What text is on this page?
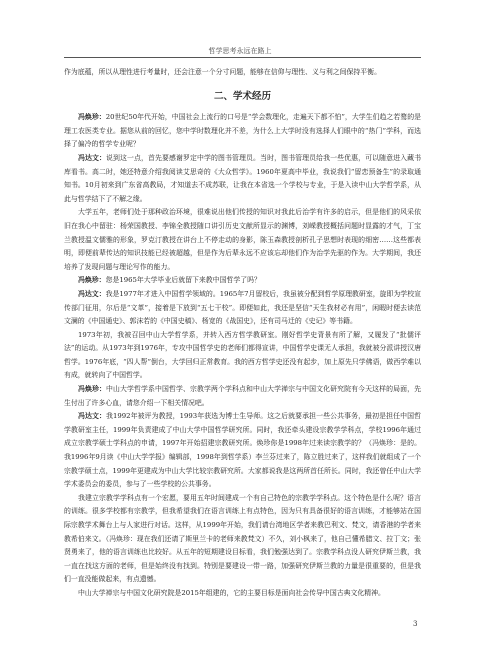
哲学思考永远在路上

作为底蕴，所以从理性进行考量时，还会注意一个分寸问题，能够在信仰与理性、义与利之间保持平衡。

二、学术经历

冯焕珍：20世纪50年代开始，中国社会上流行的口号是“学会数理化，走遍天下都不怕”，大学生们趋之若鹜的是理工农医类专业。据您从前的回忆，您中学时数理化并不差，为什么上大学时没有选择人们眼中的“热门”学科，而选择了偏冷的哲学专业呢？

冯达文：说到这一点，首先要感谢罗定中学的图书管理员。当时，图书管理员给我一些优惠，可以随意进入藏书库看书。高二时，她还特意介绍我阅读艾思奇的《大众哲学》。1960年夏高中毕业，我说我们“留恋预备生”的录取通知书。10月初来到广东省高教局，才知道去不成苏联，让我在本省选一个学校与专业，于是入读中山大学哲学系，从此与哲学结下了不解之缘。

大学五年，老师们处于那种政治环境，很难说出他们传授的知识对我此后治学有许多的启示，但是他们的风采依旧在我心中留驻：杨荣国教授、李锦全教授随口讲引历史文献所显示的渊博，刘嵘教授概括问题时显露的才气，丁宝兰教授温文儒雅的形象，罗克汀教授在讲台上不停走动的身影，陈玉森教授剖析孔子思想时表现的细密……这些都表明，即便前辈传达的知识技能已经被超越，但是作为后辈永远不应该忘却他们作为治学先驱的作为。大学期间，我还培养了发现问题与理论写作的能力。

冯焕珍：您是1965年大学毕业后就留下来教中国哲学了吗？

冯达文：我是1977年才进入中国哲学领域的。1965年7月留校后，我虽被分配到哲学原理教研室，旋即为学校宣传部门征用，尔后是“文革”，接着是下放到“五七干校”。即便如此，我还是坚信“天生我材必有用”，闲暇时便去读范文澜的《中国通史》、郭沫若的《中国史稿》、杨宽的《战国史》，还有司马迁的《史记》等书籍。

1973年初，我被召回中山大学哲学系，并转入西方哲学教研室。刚好哲学史背景有所了解，又履发了“批儒评法”的运动。从1973年到1976年，专攻中国哲学史的老师们都得宣讲，中国哲学史课无人承担，我就被分派讲授汉唐哲学。1976年底，“四人帮”倒台，大学回归正常教育。我的西方哲学史还没有起步，加上原先只学佛语，做西学难以有成，就转向了中国哲学。

冯焕珍：中山大学哲学系中国哲学、宗教学两个学科点和中山大学禅宗与中国文化研究院有今天这样的局面，先生付出了许多心血，请您介绍一下相关情况吧。

冯达文：我1992年被评为教授，1993年获选为博士生导师。这之后就要承担一些公共事务，最初是担任中国哲学教研室主任，1999年负责建成了中山大学中国哲学研究所。同时，我还牵头建设宗教学学科点，学校1996年通过成立宗教学硕士学科点的申请，1997年开始招建宗教研究所。焕珍你是1998年过来读宗教学的？（冯焕珍：是的。我1996年9月读《中山大学学报》编辑部，1998年到哲学系）李兰芬过来了，陈立胜过来了，这样我们就组成了一个宗教学硕士点，1999年更建成为中山大学比较宗教研究所。大家都说我是这两所首任所长。同时，我还曾任中山大学学术委员会的委员，参与了一些学校的公共事务。

我建立宗教学学科点有一个宏愿，要用五年时间建成一个有自己特色的宗教学学科点。这个特色是什么呢？语言的训练。很多学校都有宗教学，但我希望我们在语言训练上有点特色，因为只有具备很好的语言训练，才能够站在国际宗教学术舞台上与人家进行对话。这样，从1999年开始，我们请台湾地区学者来教巴利文、梵文，请香港的学者来教希伯来文。（冯焕珍：现在我们还请了斯里兰卡的老师来教梵文）不久，刘小枫来了，他自己懂希腊文、拉丁文；张贤勇来了，他的语言训练也比较好。从五年的短期建设目标看，我们勉强达到了。宗教学科点没人研究伊斯兰教，我一直在找这方面的老师，但是始终没有找到。特别是要建设一带一路，加强研究伊斯兰教的力量是很重要的，但是我们一直没能做起来，有点遗憾。

中山大学禅宗与中国文化研究院是2015年组建的，它的主要目标是面向社会传导中国古典文化精神。

3
